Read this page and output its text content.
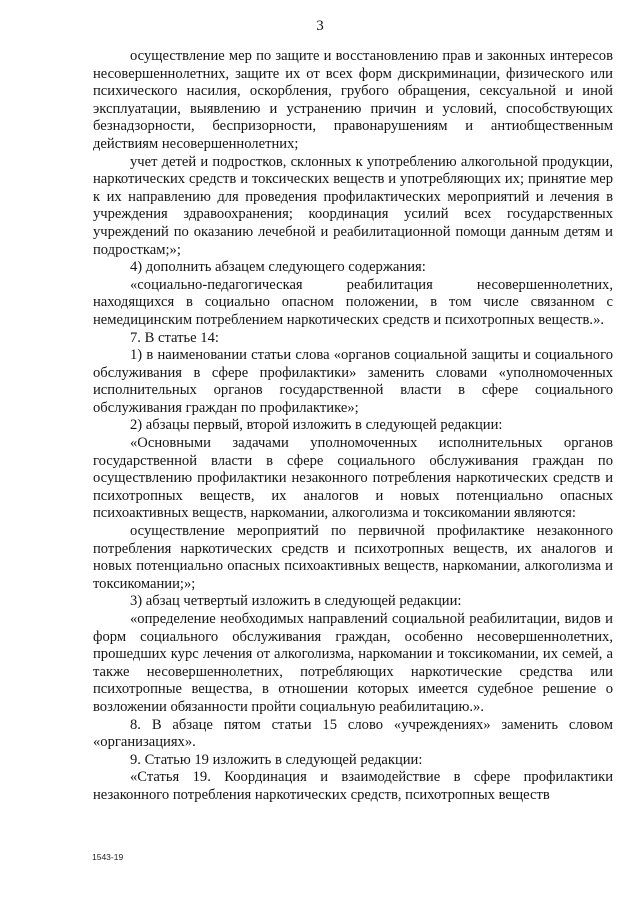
3

осуществление мер по защите и восстановлению прав и законных интересов несовершеннолетних, защите их от всех форм дискриминации, физического или психического насилия, оскорбления, грубого обращения, сексуальной и иной эксплуатации, выявлению и устранению причин и условий, способствующих безнадзорности, беспризорности, правонарушениям и антиобщественным действиям несовершеннолетних;

учет детей и подростков, склонных к употреблению алкогольной продукции, наркотических средств и токсических веществ и употребляющих их; принятие мер к их направлению для проведения профилактических мероприятий и лечения в учреждения здравоохранения; координация усилий всех государственных учреждений по оказанию лечебной и реабилитационной помощи данным детям и подросткам;»;

4) дополнить абзацем следующего содержания:

«социально-педагогическая реабилитация несовершеннолетних, находящихся в социально опасном положении, в том числе связанном с немедицинским потреблением наркотических средств и психотропных веществ.».

7. В статье 14:

1) в наименовании статьи слова «органов социальной защиты и социального обслуживания в сфере профилактики» заменить словами «уполномоченных исполнительных органов государственной власти в сфере социального обслуживания граждан по профилактике»;

2) абзацы первый, второй изложить в следующей редакции:

«Основными задачами уполномоченных исполнительных органов государственной власти в сфере социального обслуживания граждан по осуществлению профилактики незаконного потребления наркотических средств и психотропных веществ, их аналогов и новых потенциально опасных психоактивных веществ, наркомании, алкоголизма и токсикомании являются:

осуществление мероприятий по первичной профилактике незаконного потребления наркотических средств и психотропных веществ, их аналогов и новых потенциально опасных психоактивных веществ, наркомании, алкоголизма и токсикомании;»;

3) абзац четвертый изложить в следующей редакции:

«определение необходимых направлений социальной реабилитации, видов и форм социального обслуживания граждан, особенно несовершеннолетних, прошедших курс лечения от алкоголизма, наркомании и токсикомании, их семей, а также несовершеннолетних, потребляющих наркотические средства или психотропные вещества, в отношении которых имеется судебное решение о возложении обязанности пройти социальную реабилитацию.».

8. В абзаце пятом статьи 15 слово «учреждениях» заменить словом «организациях».

9. Статью 19 изложить в следующей редакции:

«Статья 19. Координация и взаимодействие в сфере профилактики незаконного потребления наркотических средств, психотропных веществ

1543-19
